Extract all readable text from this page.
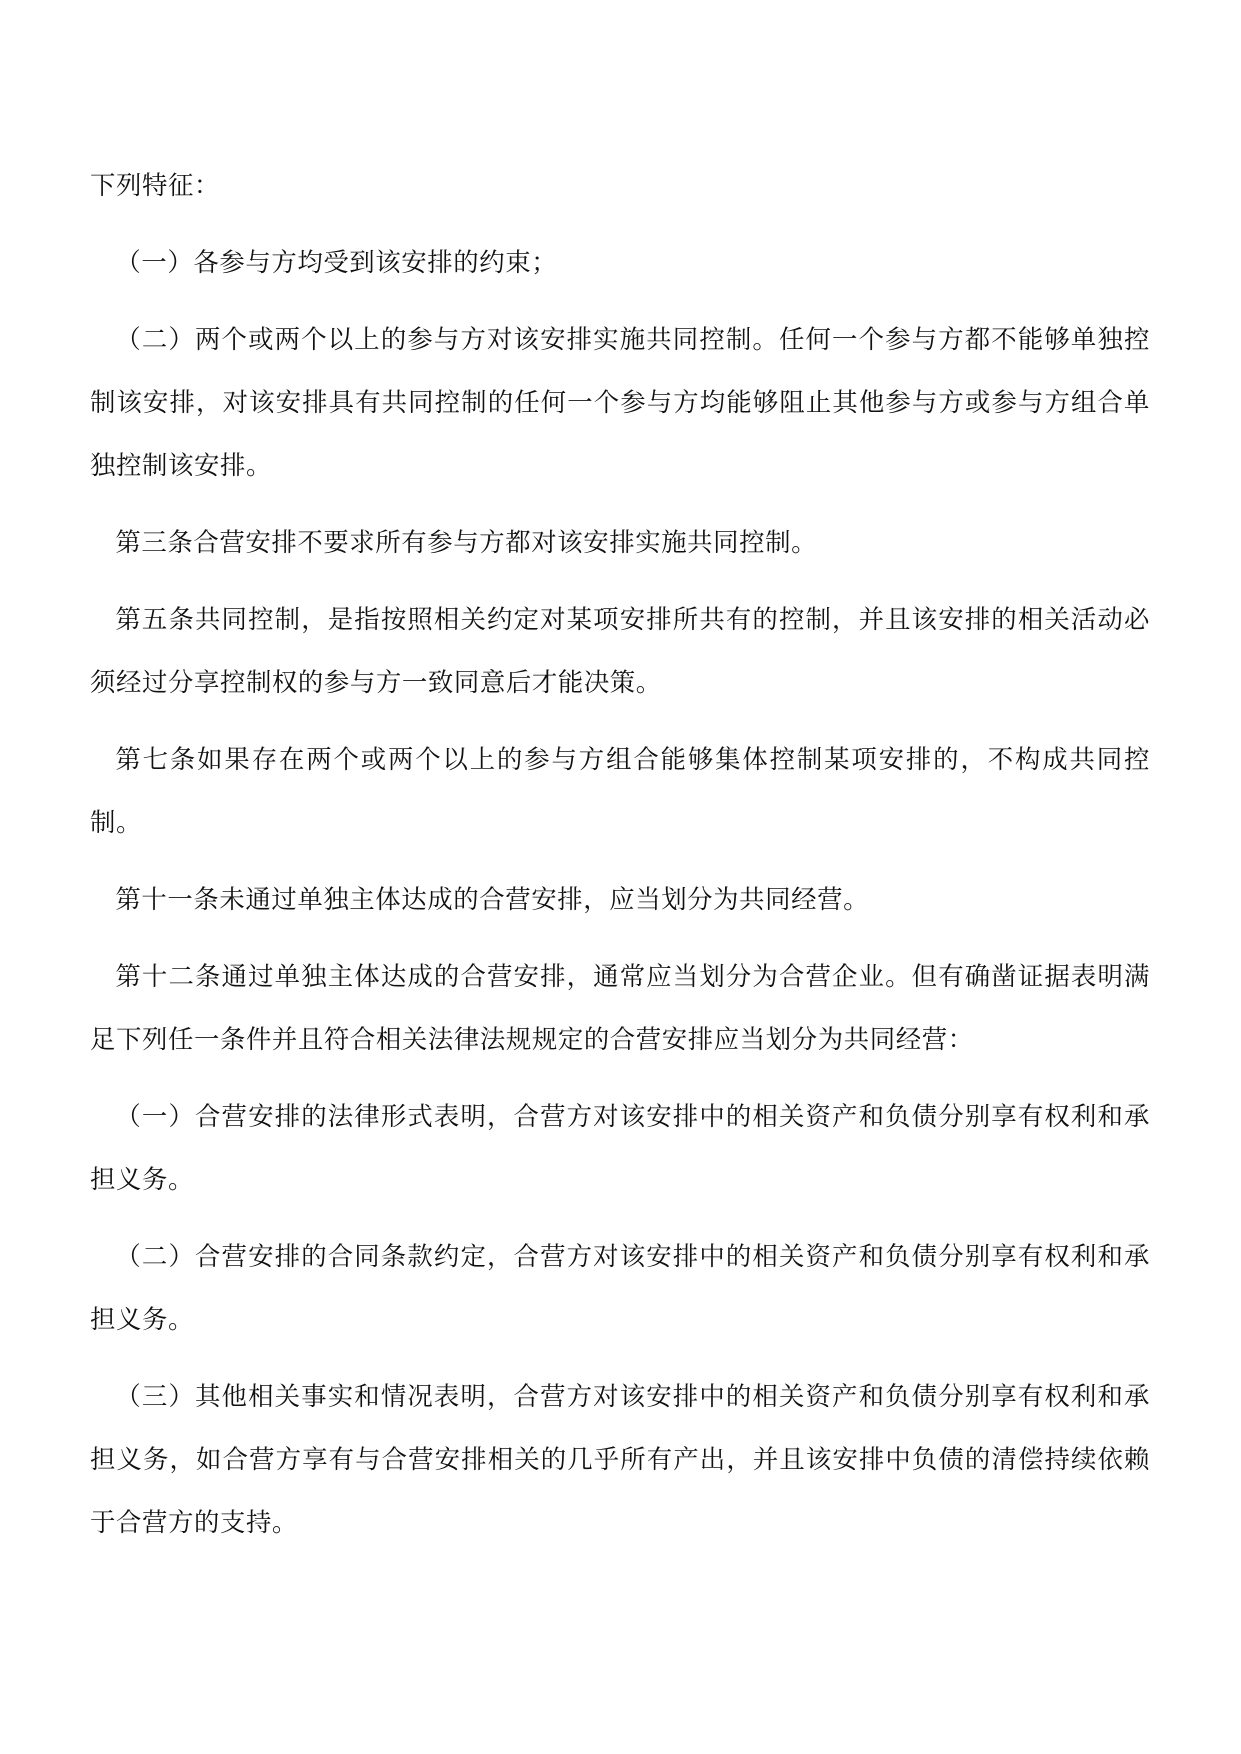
下列特征：

（一）各参与方均受到该安排的约束；

（二）两个或两个以上的参与方对该安排实施共同控制。任何一个参与方都不能够单独控制该安排，对该安排具有共同控制的任何一个参与方均能够阻止其他参与方或参与方组合单独控制该安排。

第三条合营安排不要求所有参与方都对该安排实施共同控制。

第五条共同控制，是指按照相关约定对某项安排所共有的控制，并且该安排的相关活动必须经过分享控制权的参与方一致同意后才能决策。

第七条如果存在两个或两个以上的参与方组合能够集体控制某项安排的，不构成共同控制。

第十一条未通过单独主体达成的合营安排，应当划分为共同经营。

第十二条通过单独主体达成的合营安排，通常应当划分为合营企业。但有确凿证据表明满足下列任一条件并且符合相关法律法规规定的合营安排应当划分为共同经营：

（一）合营安排的法律形式表明，合营方对该安排中的相关资产和负债分别享有权利和承担义务。

（二）合营安排的合同条款约定，合营方对该安排中的相关资产和负债分别享有权利和承担义务。

（三）其他相关事实和情况表明，合营方对该安排中的相关资产和负债分别享有权利和承担义务，如合营方享有与合营安排相关的几乎所有产出，并且该安排中负债的清偿持续依赖于合营方的支持。
